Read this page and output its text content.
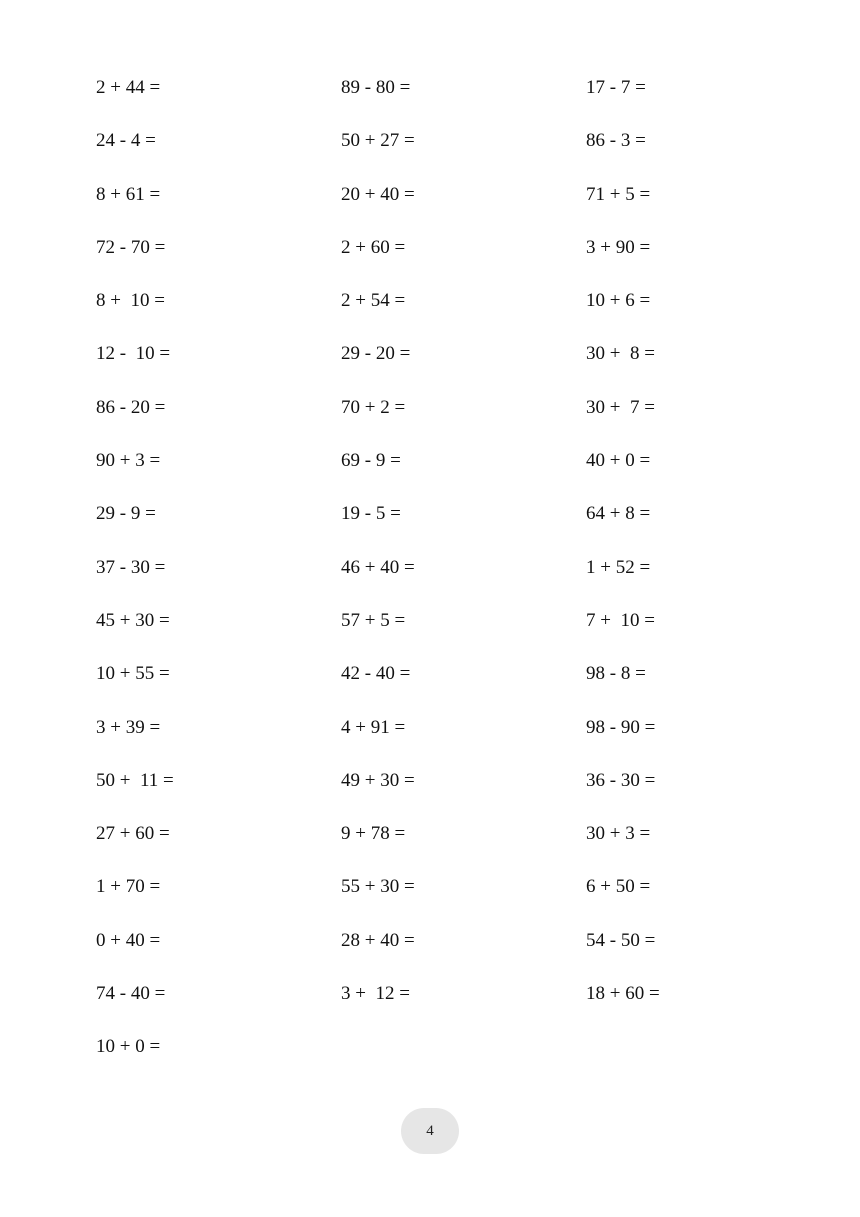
2 + 44 =	89 - 80 =	17 - 7 =
24 - 4 =	50 + 27 =	86 - 3 =
8 + 61 =	20 + 40 =	71 + 5 =
72 - 70 =	2 + 60 =	3 + 90 =
8 +  10 =	2 + 54 =	10 + 6 =
12 -  10 =	29 - 20 =	30 +  8 =
86 - 20 =	70 + 2 =	30 +  7 =
90 + 3 =	69 - 9 =	40 + 0 =
29 - 9 =	19 - 5 =	64 + 8 =
37 - 30 =	46 + 40 =	1 + 52 =
45 + 30 =	57 + 5 =	7 +  10 =
10 + 55 =	42 - 40 =	98 - 8 =
3 + 39 =	4 + 91 =	98 - 90 =
50 +  11 =	49 + 30 =	36 - 30 =
27 + 60 =	9 + 78 =	30 + 3 =
1 + 70 =	55 + 30 =	6 + 50 =
0 + 40 =	28 + 40 =	54 - 50 =
74 - 40 =	3 +  12 =	18 + 60 =
10 + 0 =
4
